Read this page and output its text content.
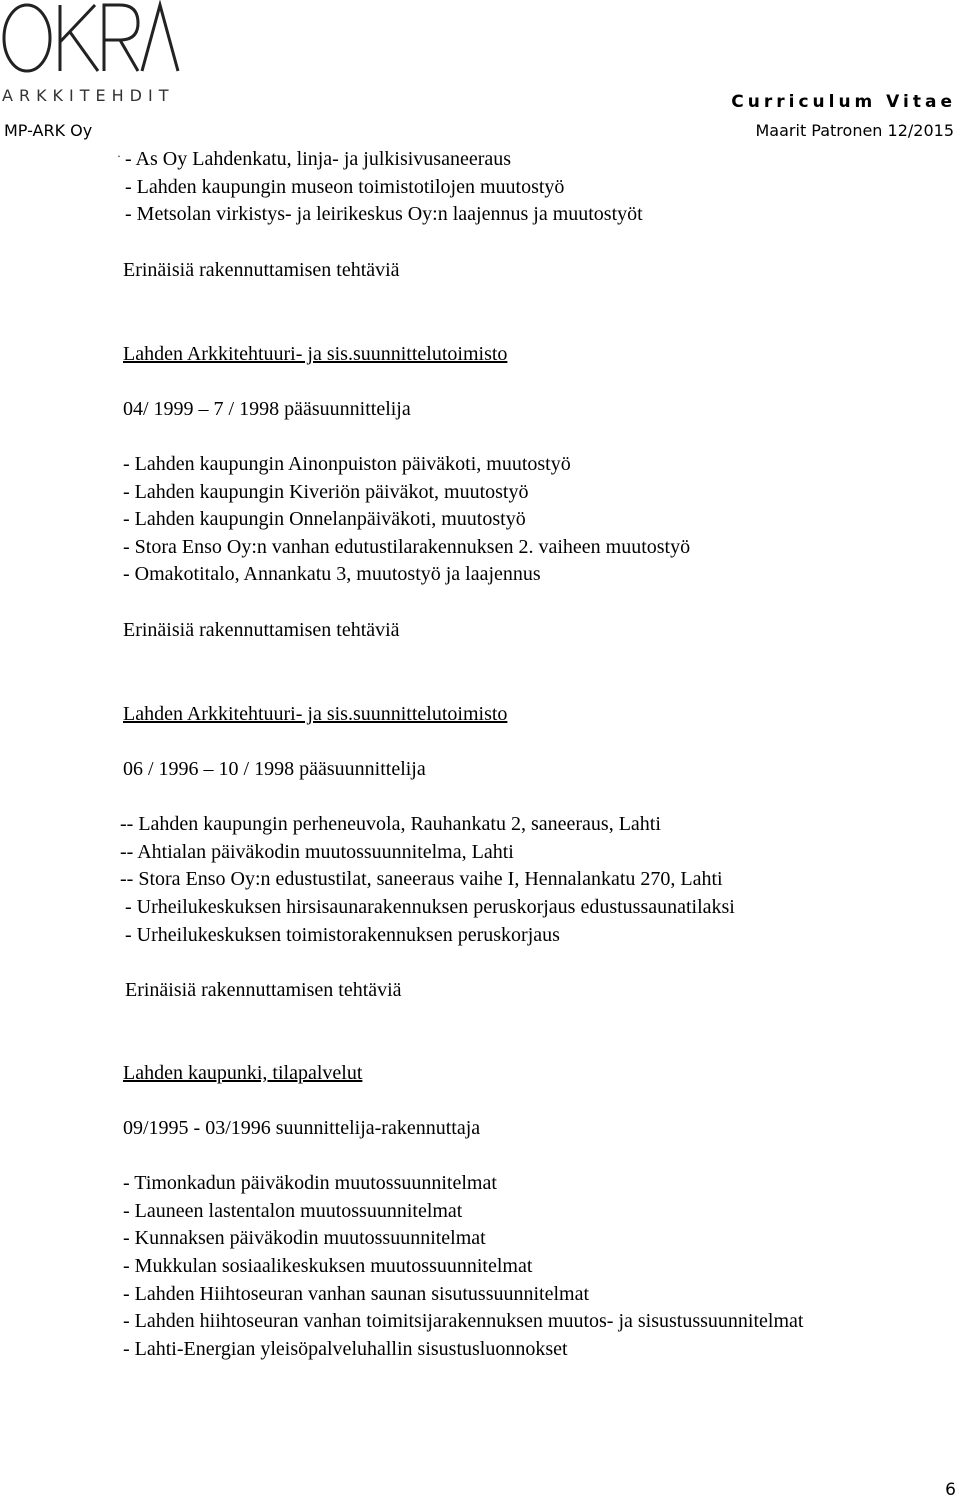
ARKKITEHDIT	Curriculum Vitae
MP-ARK Oy	Maarit Patronen 12/2015
· - As Oy Lahdenkatu, linja- ja julkisivusaneeraus
- Lahden kaupungin museon toimistotilojen muutostyö
- Metsolan virkistys- ja leirikeskus Oy:n laajennus ja muutostyöt
Erinäisiä rakennuttamisen tehtäviä
Lahden Arkkitehtuuri- ja sis.suunnittelutoimisto
04/ 1999 – 7 / 1998 pääsuunnittelija
- Lahden kaupungin Ainonpuiston päiväkoti, muutostyö
- Lahden kaupungin Kiveriön päiväkot, muutostyö
- Lahden kaupungin Onnelanpäiväkoti, muutostyö
- Stora Enso Oy:n vanhan edutustilarakennuksen 2. vaiheen muutostyö
- Omakotitalo, Annankatu 3, muutostyö ja laajennus
Erinäisiä rakennuttamisen tehtäviä
Lahden Arkkitehtuuri- ja sis.suunnittelutoimisto
06 / 1996 – 10 / 1998 pääsuunnittelija
-- Lahden kaupungin perheneuvola, Rauhankatu 2, saneeraus, Lahti
-- Ahtialan päiväkodin muutossuunnitelma, Lahti
-- Stora Enso Oy:n edustustilat, saneeraus vaihe I, Hennalankatu 270, Lahti
- Urheilukeskuksen hirsisaunarakennuksen peruskorjaus edustussaunatilaksi
- Urheilukeskuksen toimistorakennuksen peruskorjaus
Erinäisiä rakennuttamisen tehtäviä
Lahden kaupunki, tilapalvelut
09/1995 - 03/1996 suunnittelija-rakennuttaja
- Timonkadun päiväkodin muutossuunnitelmat
- Launeen lastentalon muutossuunnitelmat
- Kunnaksen päiväkodin muutossuunnitelmat
- Mukkulan sosiaalikeskuksen muutossuunnitelmat
- Lahden Hiihtoseuran vanhan saunan sisutussuunnitelmat
- Lahden hiihtoseuran vanhan toimitsijarakennuksen muutos- ja sisustussuunnitelmat
- Lahti-Energian yleisöpalveluhallin sisustusluonnokset
6
